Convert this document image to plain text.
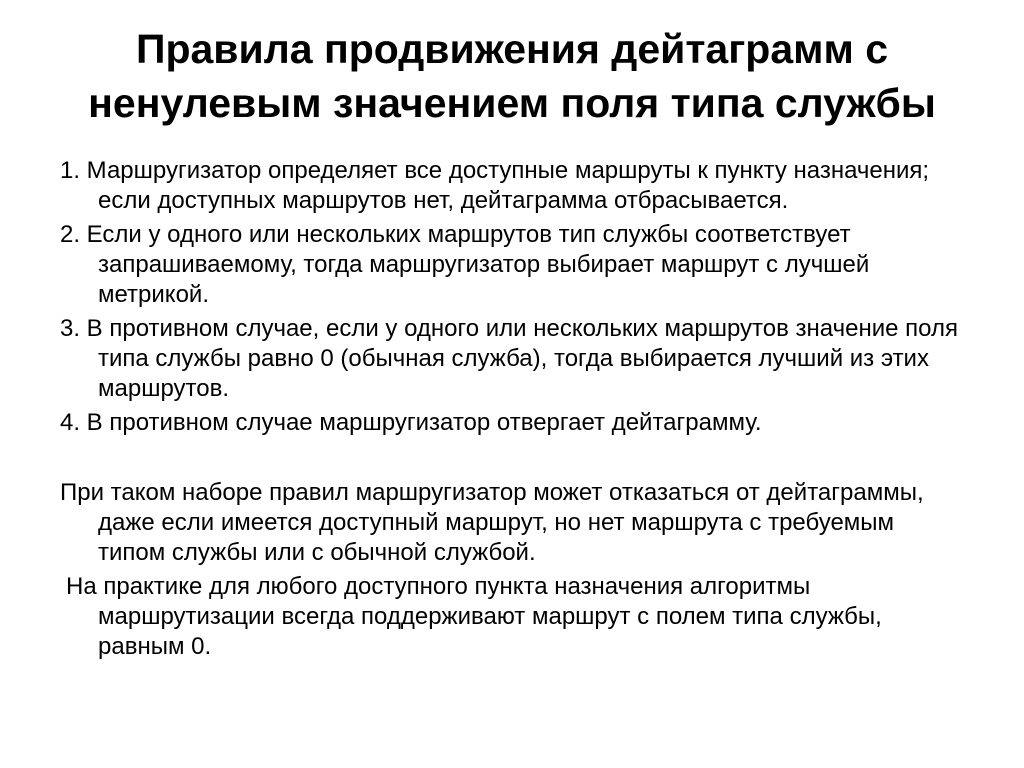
Правила продвижения дейтаграмм с
ненулевым значением поля типа службы

1. Маршругизатор определяет все доступные маршруты к пункту назначения; если доступных маршрутов нет, дейтаграмма отбрасывается.

2. Если у одного или нескольких маршрутов тип службы соответствует запрашиваемому, тогда маршругизатор выбирает маршрут с лучшей метрикой.

3. В противном случае, если у одного или нескольких маршрутов значение поля типа службы равно 0 (обычная служба), тогда выбирается лучший из этих маршрутов.

4. В противном случае маршругизатор отвергает дейтаграмму.

При таком наборе правил маршругизатор может отказаться от дейтаграммы, даже если имеется доступный маршрут, но нет маршрута с требуемым типом службы или с обычной службой.

На практике для любого доступного пункта назначения алгоритмы маршрутизации всегда поддерживают маршрут с полем типа службы, равным 0.
